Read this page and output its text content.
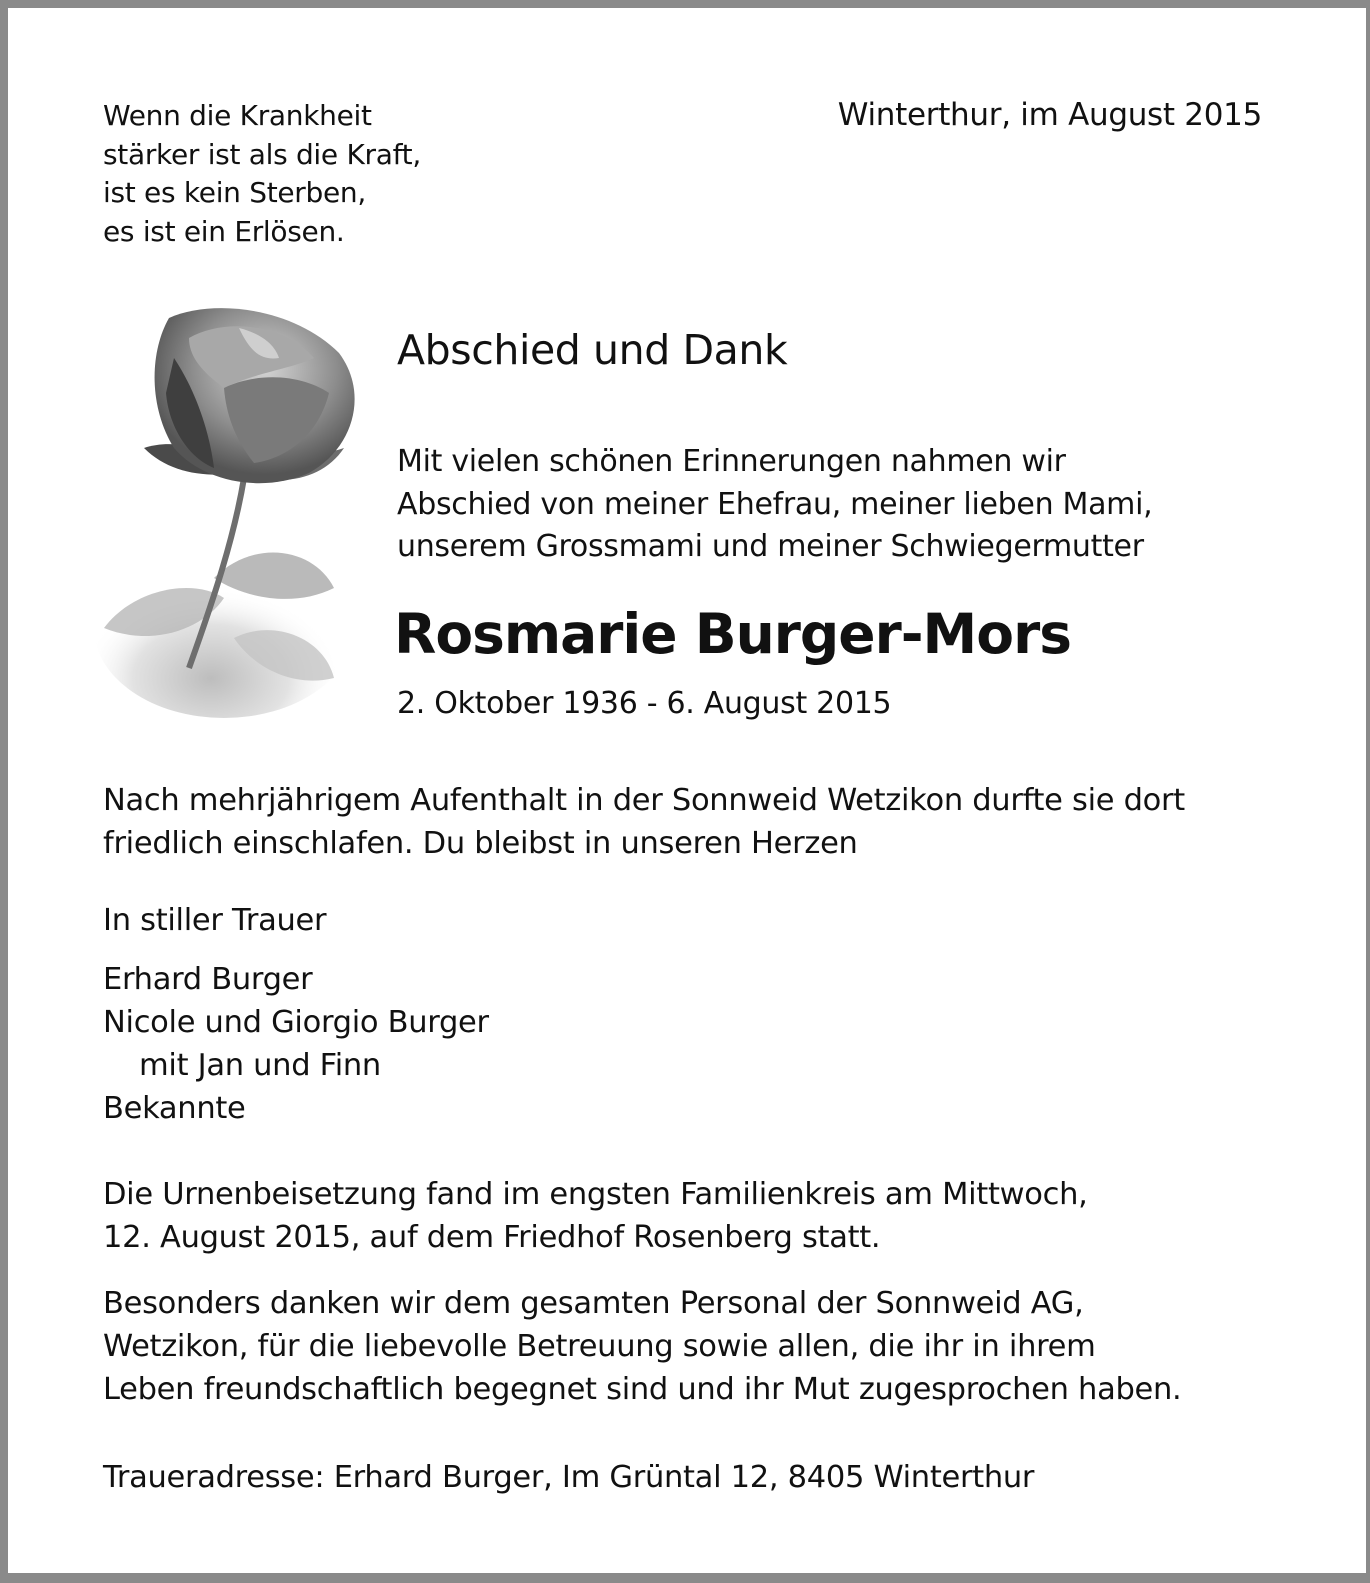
Wenn die Krankheit
stärker ist als die Kraft,
ist es kein Sterben,
es ist ein Erlösen.
Winterthur, im August 2015
Abschied und Dank
Mit vielen schönen Erinnerungen nahmen wir
Abschied von meiner Ehefrau, meiner lieben Mami,
unserem Grossmami und meiner Schwiegermutter
Rosmarie Burger-Mors
2. Oktober 1936 - 6. August 2015
Nach mehrjährigem Aufenthalt in der Sonnweid Wetzikon durfte sie dort
friedlich einschlafen. Du bleibst in unseren Herzen
In stiller Trauer
Erhard Burger
Nicole und Giorgio Burger
mit Jan und Finn
Bekannte
Die Urnenbeisetzung fand im engsten Familienkreis am Mittwoch,
12. August 2015, auf dem Friedhof Rosenberg statt.
Besonders danken wir dem gesamten Personal der Sonnweid AG,
Wetzikon, für die liebevolle Betreuung sowie allen, die ihr in ihrem
Leben freundschaftlich begegnet sind und ihr Mut zugesprochen haben.
Traueradresse: Erhard Burger, Im Grüntal 12, 8405 Winterthur
